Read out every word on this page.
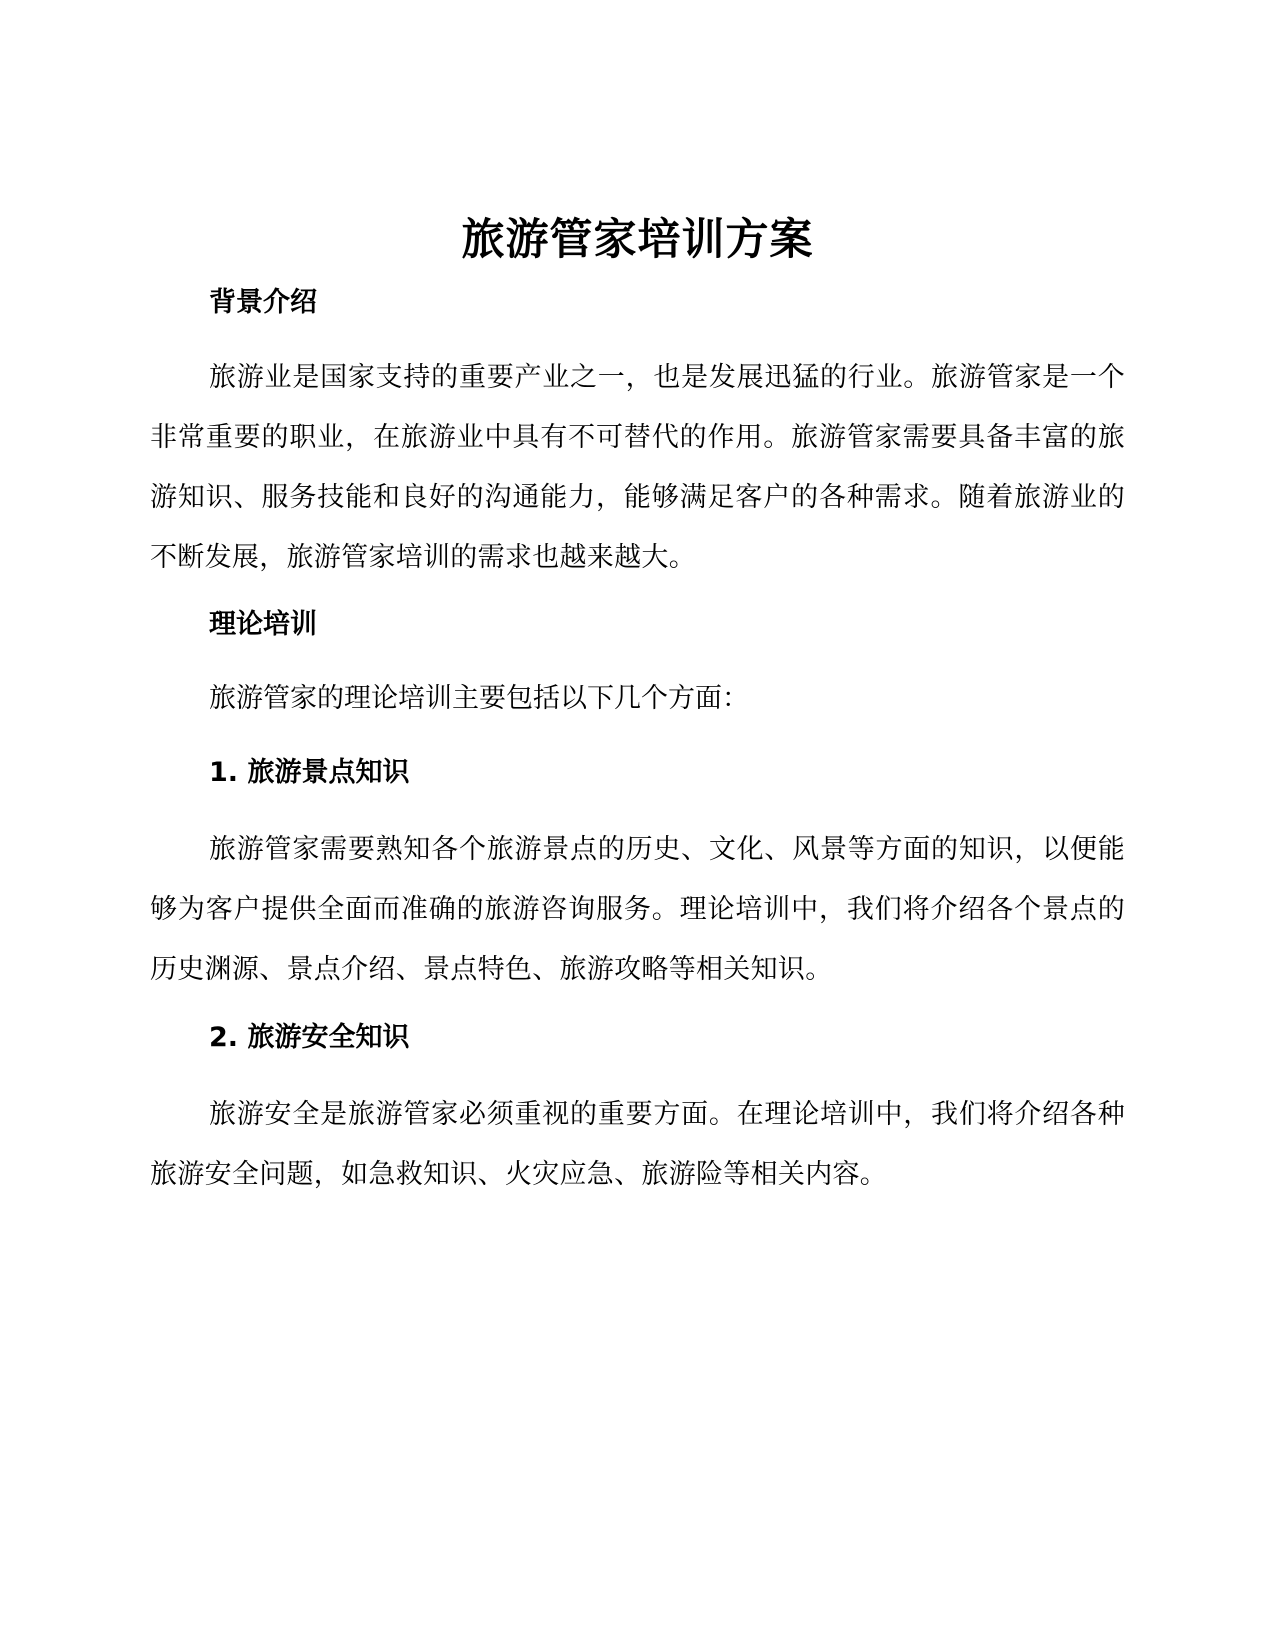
旅游管家培训方案
背景介绍
旅游业是国家支持的重要产业之一，也是发展迅猛的行业。旅游管家是一个非常重要的职业，在旅游业中具有不可替代的作用。旅游管家需要具备丰富的旅游知识、服务技能和良好的沟通能力，能够满足客户的各种需求。随着旅游业的不断发展，旅游管家培训的需求也越来越大。
理论培训
旅游管家的理论培训主要包括以下几个方面：
1. 旅游景点知识
旅游管家需要熟知各个旅游景点的历史、文化、风景等方面的知识，以便能够为客户提供全面而准确的旅游咨询服务。理论培训中，我们将介绍各个景点的历史渊源、景点介绍、景点特色、旅游攻略等相关知识。
2. 旅游安全知识
旅游安全是旅游管家必须重视的重要方面。在理论培训中，我们将介绍各种旅游安全问题，如急救知识、火灾应急、旅游险等相关内容。
